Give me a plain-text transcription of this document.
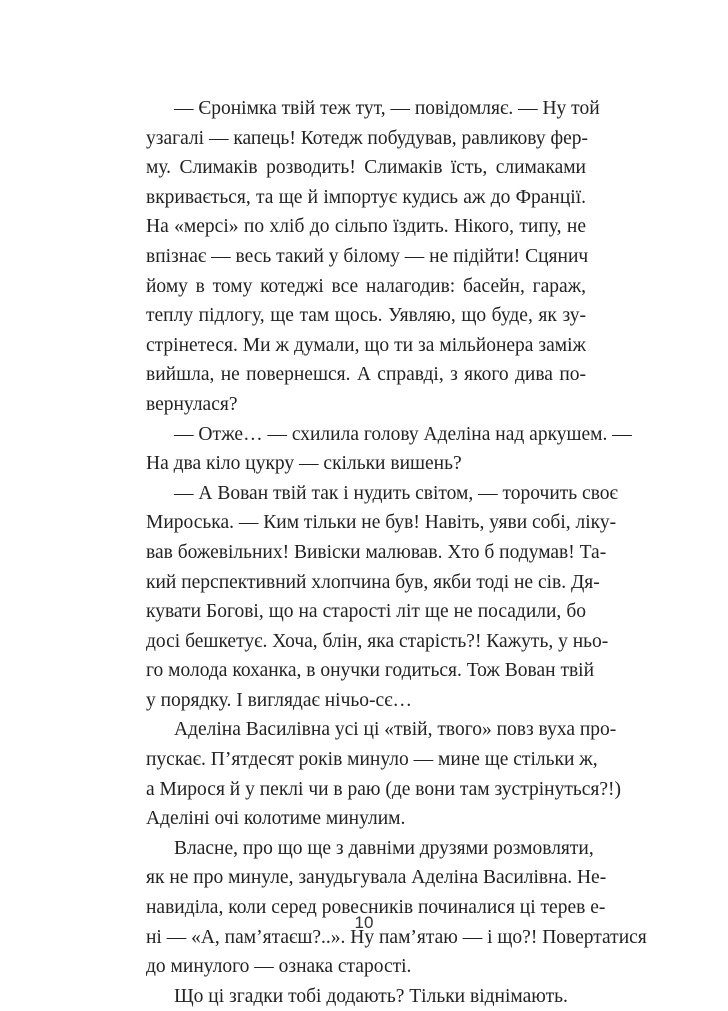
— Єронімка твій теж тут, — повідомляє. — Ну той
узагалі — капець! Котедж побудував, равликову фер-
му. Слимаків розводить! Слимаків їсть, слимаками
вкривається, та ще й імпортує кудись аж до Франції.
На «мерсі» по хліб до сільпо їздить. Нікого, типу, не
впізнає — весь такий у білому — не підійти! Сцянич
йому в тому котеджі все налагодив: басейн, гараж,
теплу підлогу, ще там щось. Уявляю, що буде, як зу-
стрінетеся. Ми ж думали, що ти за мільйонера заміж
вийшла, не повернешся. А справді, з якого дива по-
вернулася?
— Отже… — схилила голову Аделіна над аркушем. —
На два кіло цукру — скільки вишень?
— А Вован твій так і нудить світом, — торочить своє
Мироська. — Ким тільки не був! Навіть, уяви собі, ліку-
вав божевільних! Вивіски малював. Хто б подумав! Та-
кий перспективний хлопчина був, якби тоді не сів. Дя-
кувати Богові, що на старості літ ще не посадили, бо
досі бешкетує. Хоча, блін, яка старість?! Кажуть, у ньо-
го молода коханка, в онучки годиться. Тож Вован твій
у порядку. І виглядає нічьо-сє…
Аделіна Василівна усі ці «твій, твого» повз вуха про-
пускає. П’ятдесят років минуло — мине ще стільки ж,
а Мирося й у пеклі чи в раю (де вони там зустрінуться?!)
Аделіні очі колотиме минулим.
Власне, про що ще з давніми друзями розмовляти,
як не про минуле, занудьгувала Аделіна Василівна. Не-
навиділа, коли серед ровесників починалися ці терев е-
ні — «А, пам’ятаєш?..». Ну пам’ятаю — і що?! Повертатися
до минулого — ознака старості.
Що ці згадки тобі додають? Тільки віднімають.
10
